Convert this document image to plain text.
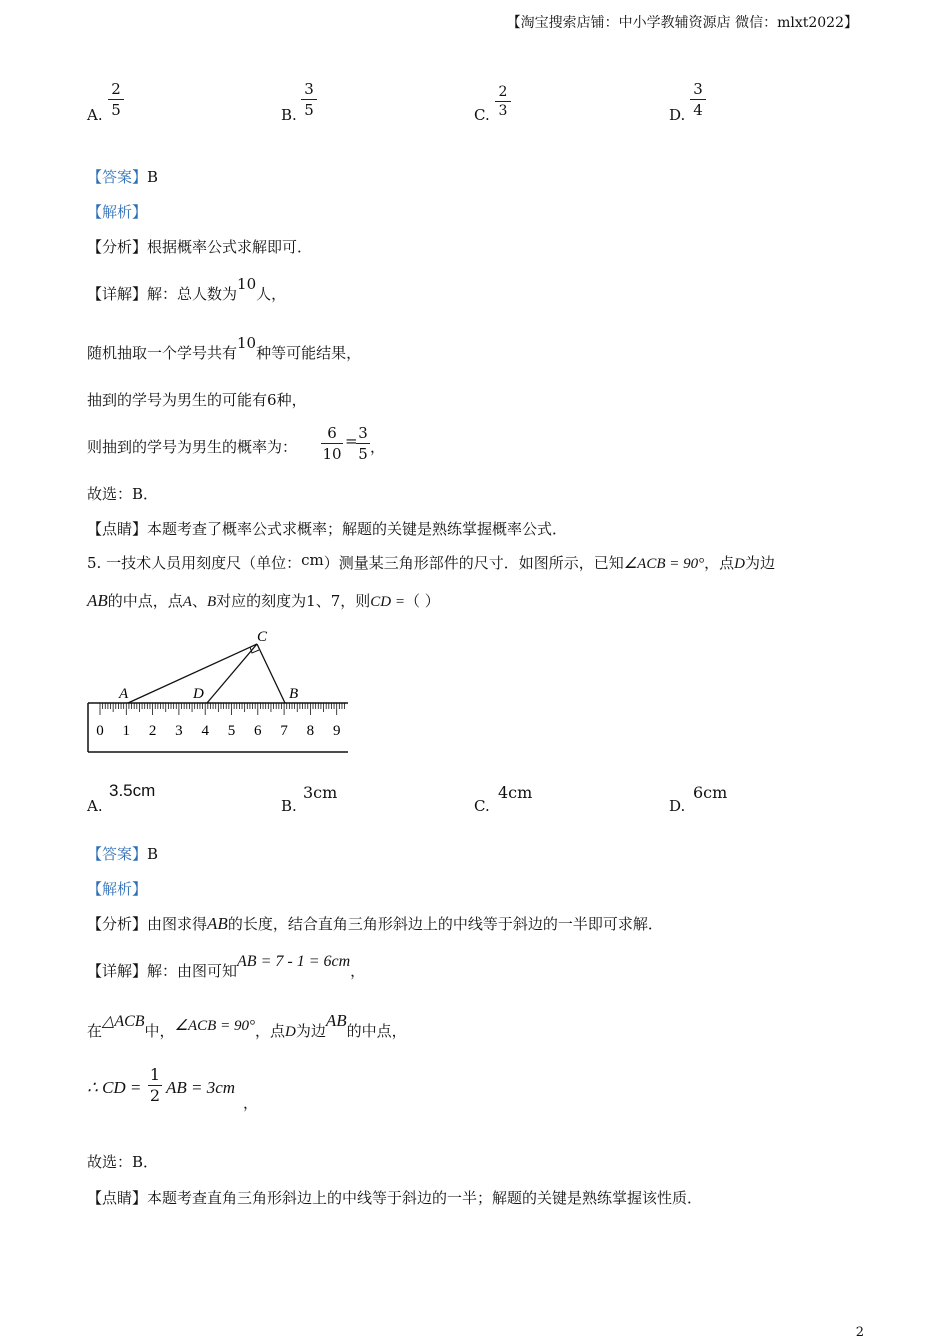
【淘宝搜索店铺：中小学教辅资源店 微信：mlxt2022】
A.
2
5	B.
3
5	C.
2
3	D.
3
4
【答案】B
【解析】
【分析】根据概率公式求解即可．
【详解】解：总人数为10人，
随机抽取一个学号共有10种等可能结果，
抽到的学号为男生的可能有6种，
则抽到的学号为男生的概率为：
6
10
= 3
5 ，
故选：B．
【点睛】本题考查了概率公式求概率；解题的关键是熟练掌握概率公式．
5. 一技术人员用刻度尺（单位：cm）测量某三角形部件的尺寸．如图所示，已知∠ACB = 90°，点D为边
AB的中点，点A、B对应的刻度为1、7，则CD =（ ）
0 1 2 3 4 5 6 7 8 9
A
C
D	B
A.
3.5cm
B.
3cm
C.
4cm
D.
6cm
【答案】B
【解析】
【分析】由图求得AB的长度，结合直角三角形斜边上的中线等于斜边的一半即可求解．
【详解】解：由图可知AB = 7 - 1 = 6cm，
在△ACB中，∠ACB = 90°，点D为边AB的中点，
∴ CD =
1
2 AB = 3cm
，
故选：B．
【点睛】本题考查直角三角形斜边上的中线等于斜边的一半；解题的关键是熟练掌握该性质．
2
